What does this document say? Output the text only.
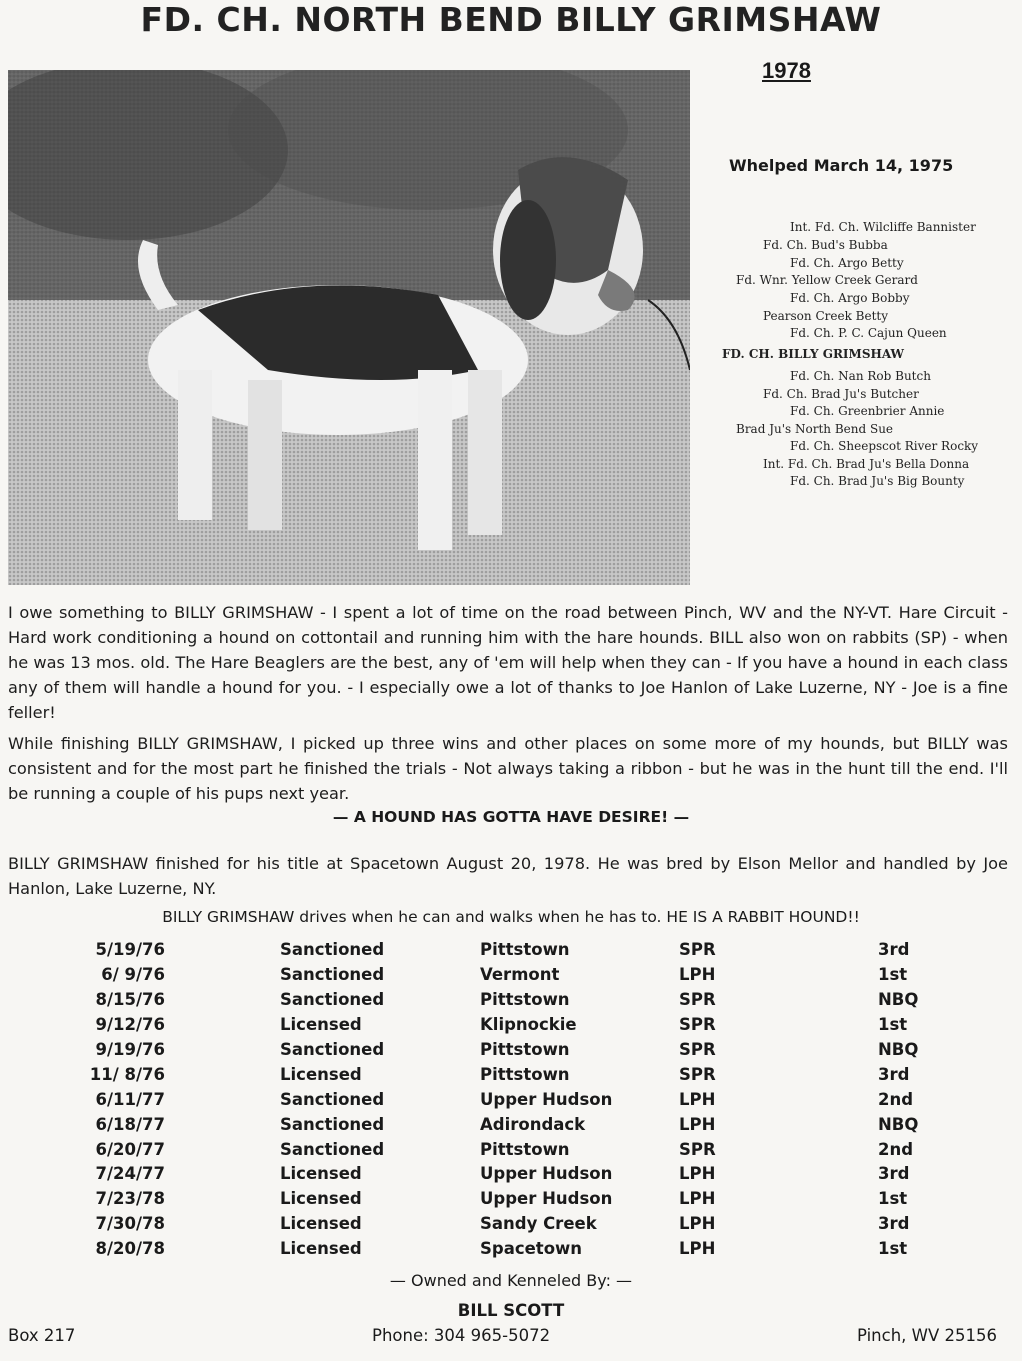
FD. CH. NORTH BEND BILLY GRIMSHAW
1978
Whelped March 14, 1975
Int. Fd. Ch. Wilcliffe Bannister
Fd. Ch. Bud's Bubba
Fd. Ch. Argo Betty
Fd. Wnr. Yellow Creek Gerard
Fd. Ch. Argo Bobby
Pearson Creek Betty
Fd. Ch. P. C. Cajun Queen
FD. CH. BILLY GRIMSHAW
Fd. Ch. Nan Rob Butch
Fd. Ch. Brad Ju's Butcher
Fd. Ch. Greenbrier Annie
Brad Ju's North Bend Sue
Fd. Ch. Sheepscot River Rocky
Int. Fd. Ch. Brad Ju's Bella Donna
Fd. Ch. Brad Ju's Big Bounty
I owe something to BILLY GRIMSHAW - I spent a lot of time on the road between Pinch, WV and the NY-VT. Hare Circuit - Hard work conditioning a hound on cottontail and running him with the hare hounds. BILL also won on rabbits (SP) - when he was 13 mos. old. The Hare Beaglers are the best, any of 'em will help when they can - If you have a hound in each class any of them will handle a hound for you. - I especially owe a lot of thanks to Joe Hanlon of Lake Luzerne, NY - Joe is a fine feller!
While finishing BILLY GRIMSHAW, I picked up three wins and other places on some more of my hounds, but BILLY was consistent and for the most part he finished the trials - Not always taking a ribbon - but he was in the hunt till the end. I'll be running a couple of his pups next year.
— A HOUND HAS GOTTA HAVE DESIRE! —
BILLY GRIMSHAW finished for his title at Spacetown August 20, 1978. He was bred by Elson Mellor and handled by Joe Hanlon, Lake Luzerne, NY.
BILLY GRIMSHAW drives when he can and walks when he has to. HE IS A RABBIT HOUND!!
5/19/76	Sanctioned	Pittstown	SPR	3rd
6/ 9/76	Sanctioned	Vermont	LPH	1st
8/15/76	Sanctioned	Pittstown	SPR	NBQ
9/12/76	Licensed	Klipnockie	SPR	1st
9/19/76	Sanctioned	Pittstown	SPR	NBQ
11/ 8/76	Licensed	Pittstown	SPR	3rd
6/11/77	Sanctioned	Upper Hudson	LPH	2nd
6/18/77	Sanctioned	Adirondack	LPH	NBQ
6/20/77	Sanctioned	Pittstown	SPR	2nd
7/24/77	Licensed	Upper Hudson	LPH	3rd
7/23/78	Licensed	Upper Hudson	LPH	1st
7/30/78	Licensed	Sandy Creek	LPH	3rd
8/20/78	Licensed	Spacetown	LPH	1st
— Owned and Kenneled By: —
BILL SCOTT
Box 217	Phone: 304 965-5072	Pinch, WV 25156
